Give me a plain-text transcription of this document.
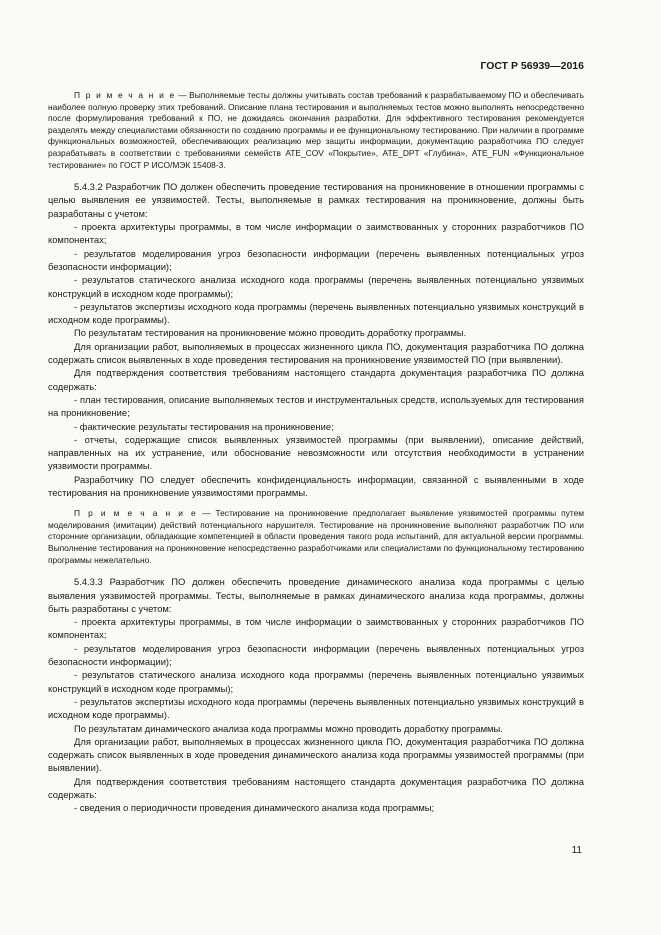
ГОСТ Р 56939—2016

П р и м е ч а н и е — Выполняемые тесты должны учитывать состав требований к разрабатываемому ПО и обеспечивать наиболее полную проверку этих требований. Описание плана тестирования и выполняемых тестов можно выполнять непосредственно после формулирования требований к ПО, не дожидаясь окончания разработки. Для эффективного тестирования рекомендуется разделять между специалистами обязанности по созданию программы и ее функциональному тестированию. При наличии в программе функциональных возможностей, обеспечивающих реализацию мер защиты информации, документацию разработчика ПО следует разрабатывать в соответствии с требованиями семейств ATE_COV «Покрытие», ATE_DPT «Глубина», ATE_FUN «Функциональное тестирование» по ГОСТ Р ИСО/МЭК 15408-3.

5.4.3.2 Разработчик ПО должен обеспечить проведение тестирования на проникновение в отношении программы с целью выявления ее уязвимостей. Тесты, выполняемые в рамках тестирования на проникновение, должны быть разработаны с учетом:

- проекта архитектуры программы, в том числе информации о заимствованных у сторонних разработчиков ПО компонентах;

- результатов моделирования угроз безопасности информации (перечень выявленных потенциальных угроз безопасности информации);

- результатов статического анализа исходного кода программы (перечень выявленных потенциально уязвимых конструкций в исходном коде программы);

- результатов экспертизы исходного кода программы (перечень выявленных потенциально уязвимых конструкций в исходном коде программы).

По результатам тестирования на проникновение можно проводить доработку программы.

Для организации работ, выполняемых в процессах жизненного цикла ПО, документация разработчика ПО должна содержать список выявленных в ходе проведения тестирования на проникновение уязвимостей ПО (при выявлении).

Для подтверждения соответствия требованиям настоящего стандарта документация разработчика ПО должна содержать:

- план тестирования, описание выполняемых тестов и инструментальных средств, используемых для тестирования на проникновение;

- фактические результаты тестирования на проникновение;

- отчеты, содержащие список выявленных уязвимостей программы (при выявлении), описание действий, направленных на их устранение, или обоснование невозможности или отсутствия необходимости в устранении уязвимости программы.

Разработчику ПО следует обеспечить конфиденциальность информации, связанной с выявленными в ходе тестирования на проникновение уязвимостями программы.

П р и м е ч а н и е — Тестирование на проникновение предполагает выявление уязвимостей программы путем моделирования (имитации) действий потенциального нарушителя. Тестирование на проникновение выполняют разработчик ПО или сторонние организации, обладающие компетенцией в области проведения такого рода испытаний, для актуальной версии программы. Выполнение тестирования на проникновение непосредственно разработчиками или специалистами по функциональному тестированию программы нежелательно.

5.4.3.3 Разработчик ПО должен обеспечить проведение динамического анализа кода программы с целью выявления уязвимостей программы. Тесты, выполняемые в рамках динамического анализа кода программы, должны быть разработаны с учетом:

- проекта архитектуры программы, в том числе информации о заимствованных у сторонних разработчиков ПО компонентах;

- результатов моделирования угроз безопасности информации (перечень выявленных потенциальных угроз безопасности информации);

- результатов статического анализа исходного кода программы (перечень выявленных потенциально уязвимых конструкций в исходном коде программы);

- результатов экспертизы исходного кода программы (перечень выявленных потенциально уязвимых конструкций в исходном коде программы).

По результатам динамического анализа кода программы можно проводить доработку программы.

Для организации работ, выполняемых в процессах жизненного цикла ПО, документация разработчика ПО должна содержать список выявленных в ходе проведения динамического анализа кода программы уязвимостей программы (при выявлении).

Для подтверждения соответствия требованиям настоящего стандарта документация разработчика ПО должна содержать:

- сведения о периодичности проведения динамического анализа кода программы;

11
